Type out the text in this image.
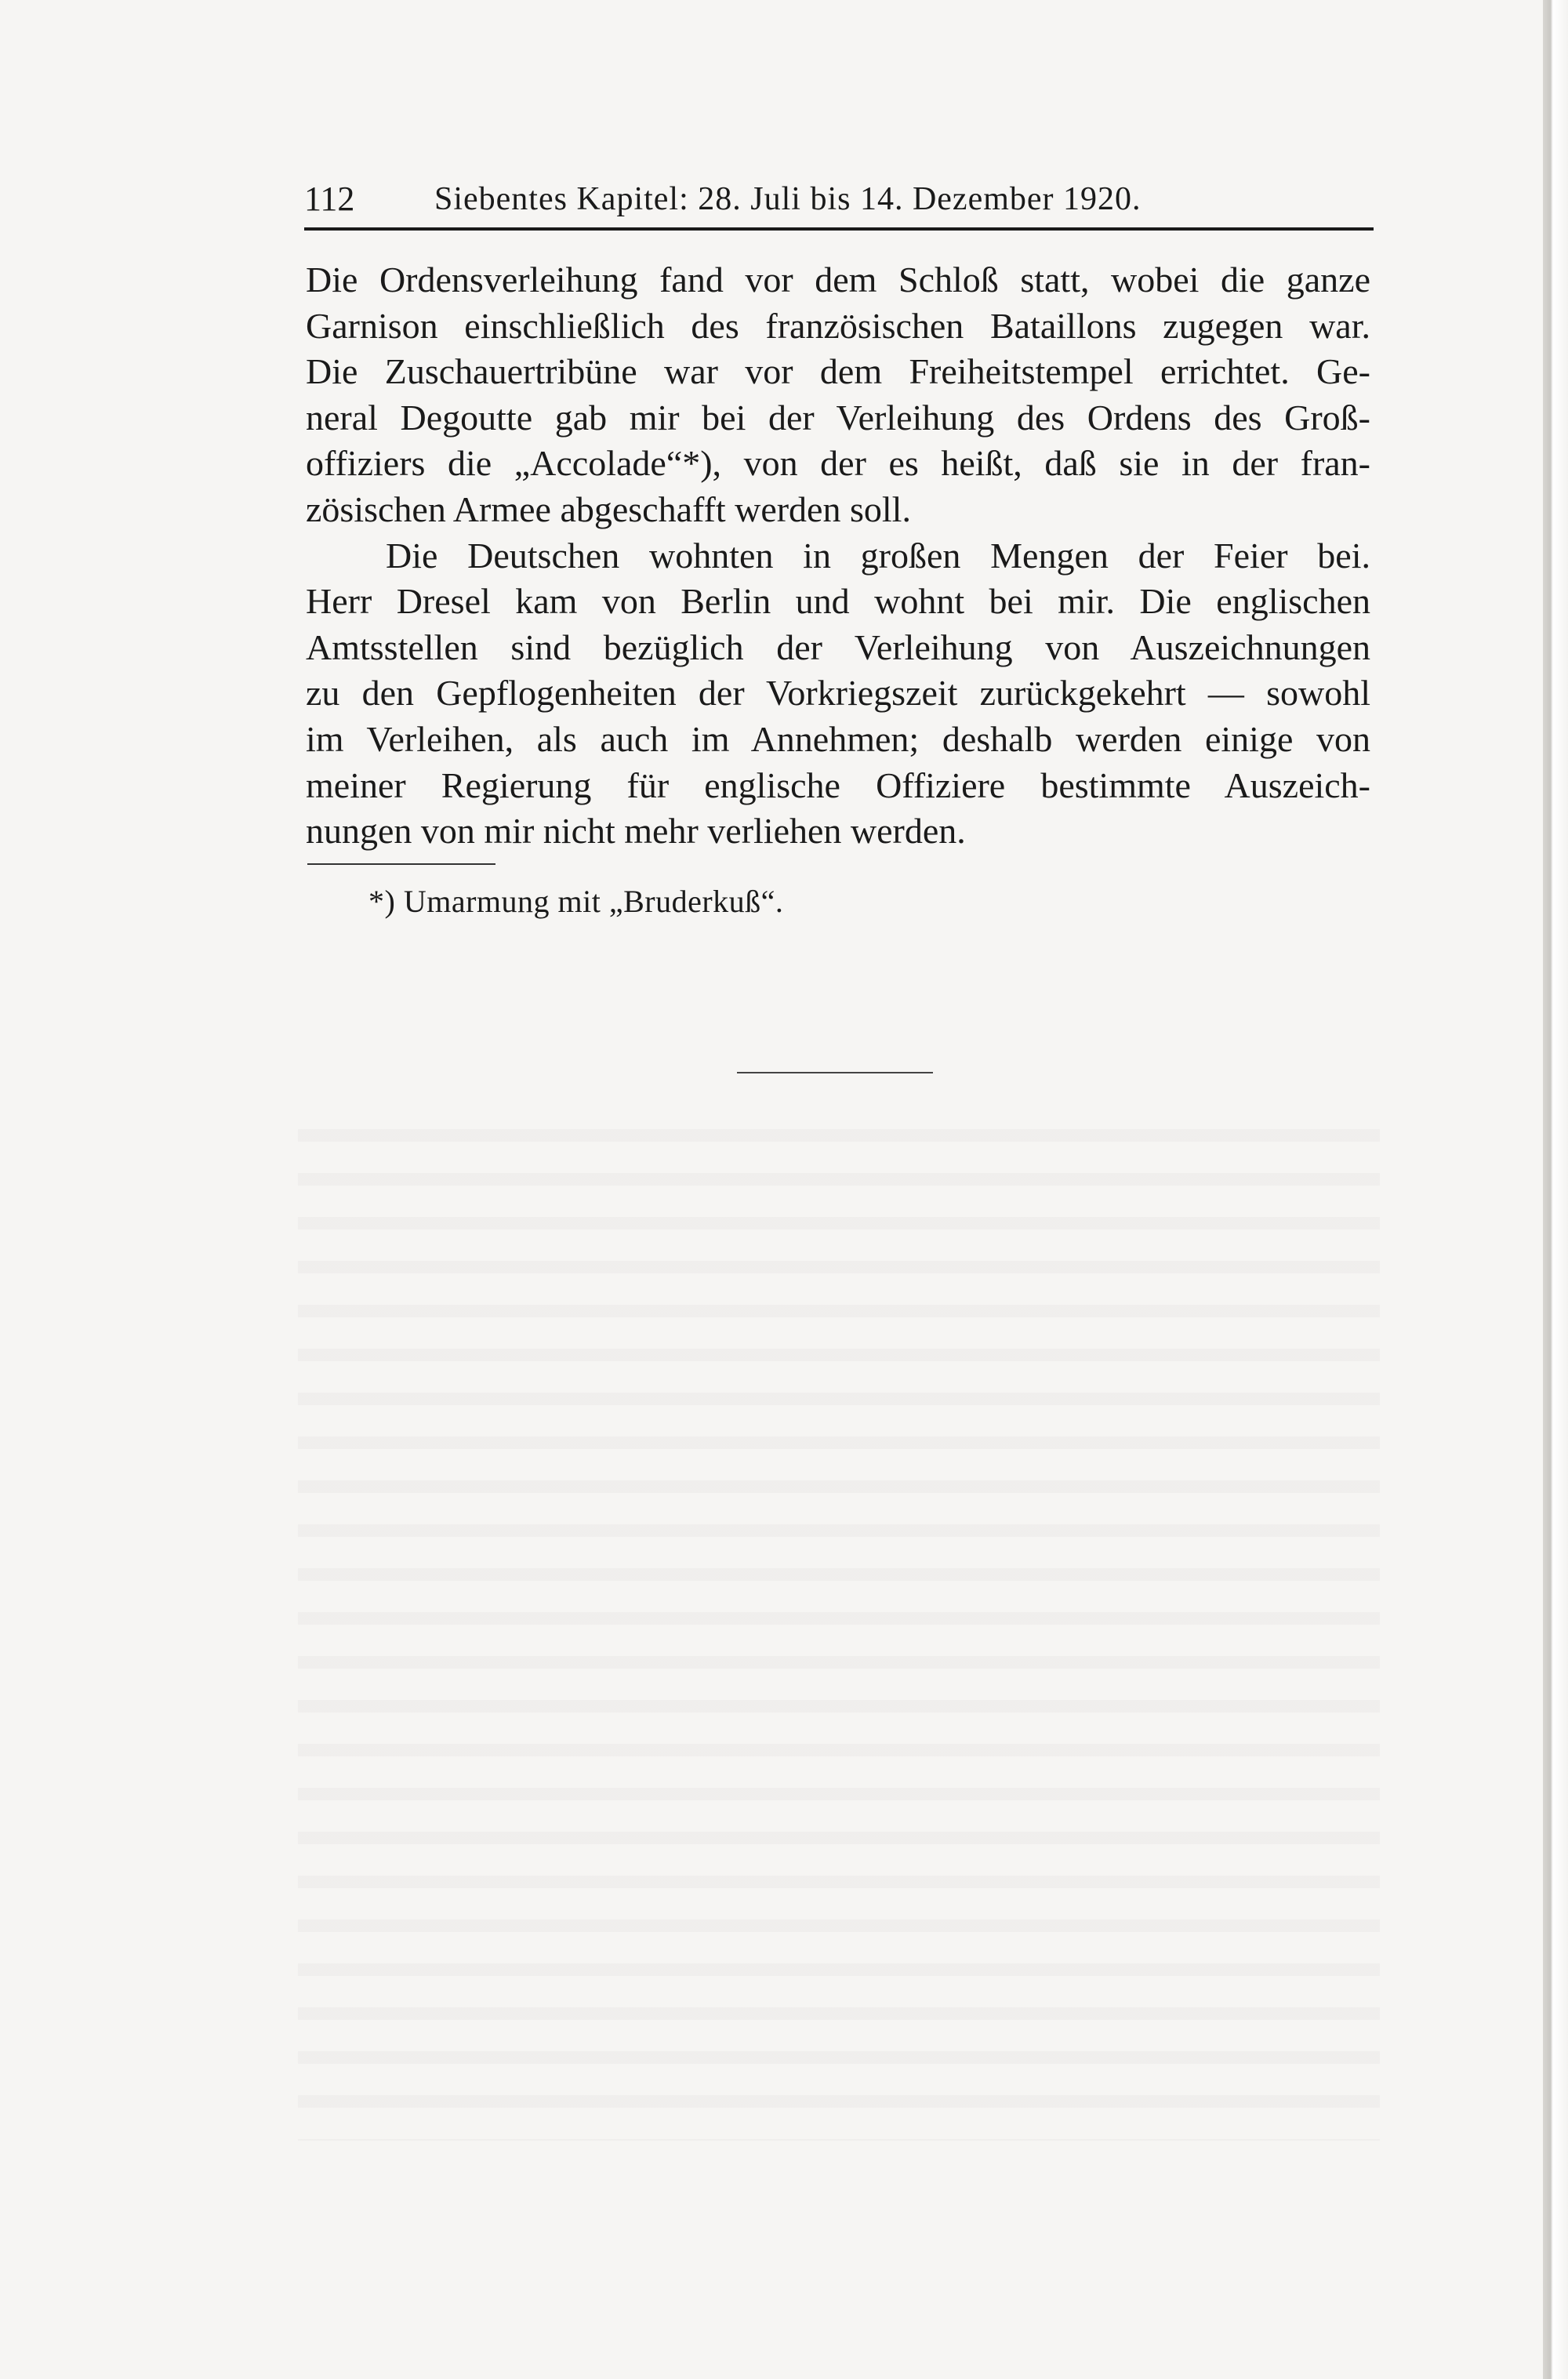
112 Siebentes Kapitel: 28. Juli bis 14. Dezember 1920.
Die Ordensverleihung fand vor dem Schloß statt, wobei die ganze
Garnison einschließlich des französischen Bataillons zugegen war.
Die Zuschauertribüne war vor dem Freiheitstempel errichtet. Ge-
neral Degoutte gab mir bei der Verleihung des Ordens des Groß-
offiziers die „Accolade“*), von der es heißt, daß sie in der fran-
zösischen Armee abgeschafft werden soll.
Die Deutschen wohnten in großen Mengen der Feier bei.
Herr Dresel kam von Berlin und wohnt bei mir. Die englischen
Amtsstellen sind bezüglich der Verleihung von Auszeichnungen
zu den Gepflogenheiten der Vorkriegszeit zurückgekehrt — sowohl
im Verleihen, als auch im Annehmen; deshalb werden einige von
meiner Regierung für englische Offiziere bestimmte Auszeich-
nungen von mir nicht mehr verliehen werden.
*) Umarmung mit „Bruderkuß“.
